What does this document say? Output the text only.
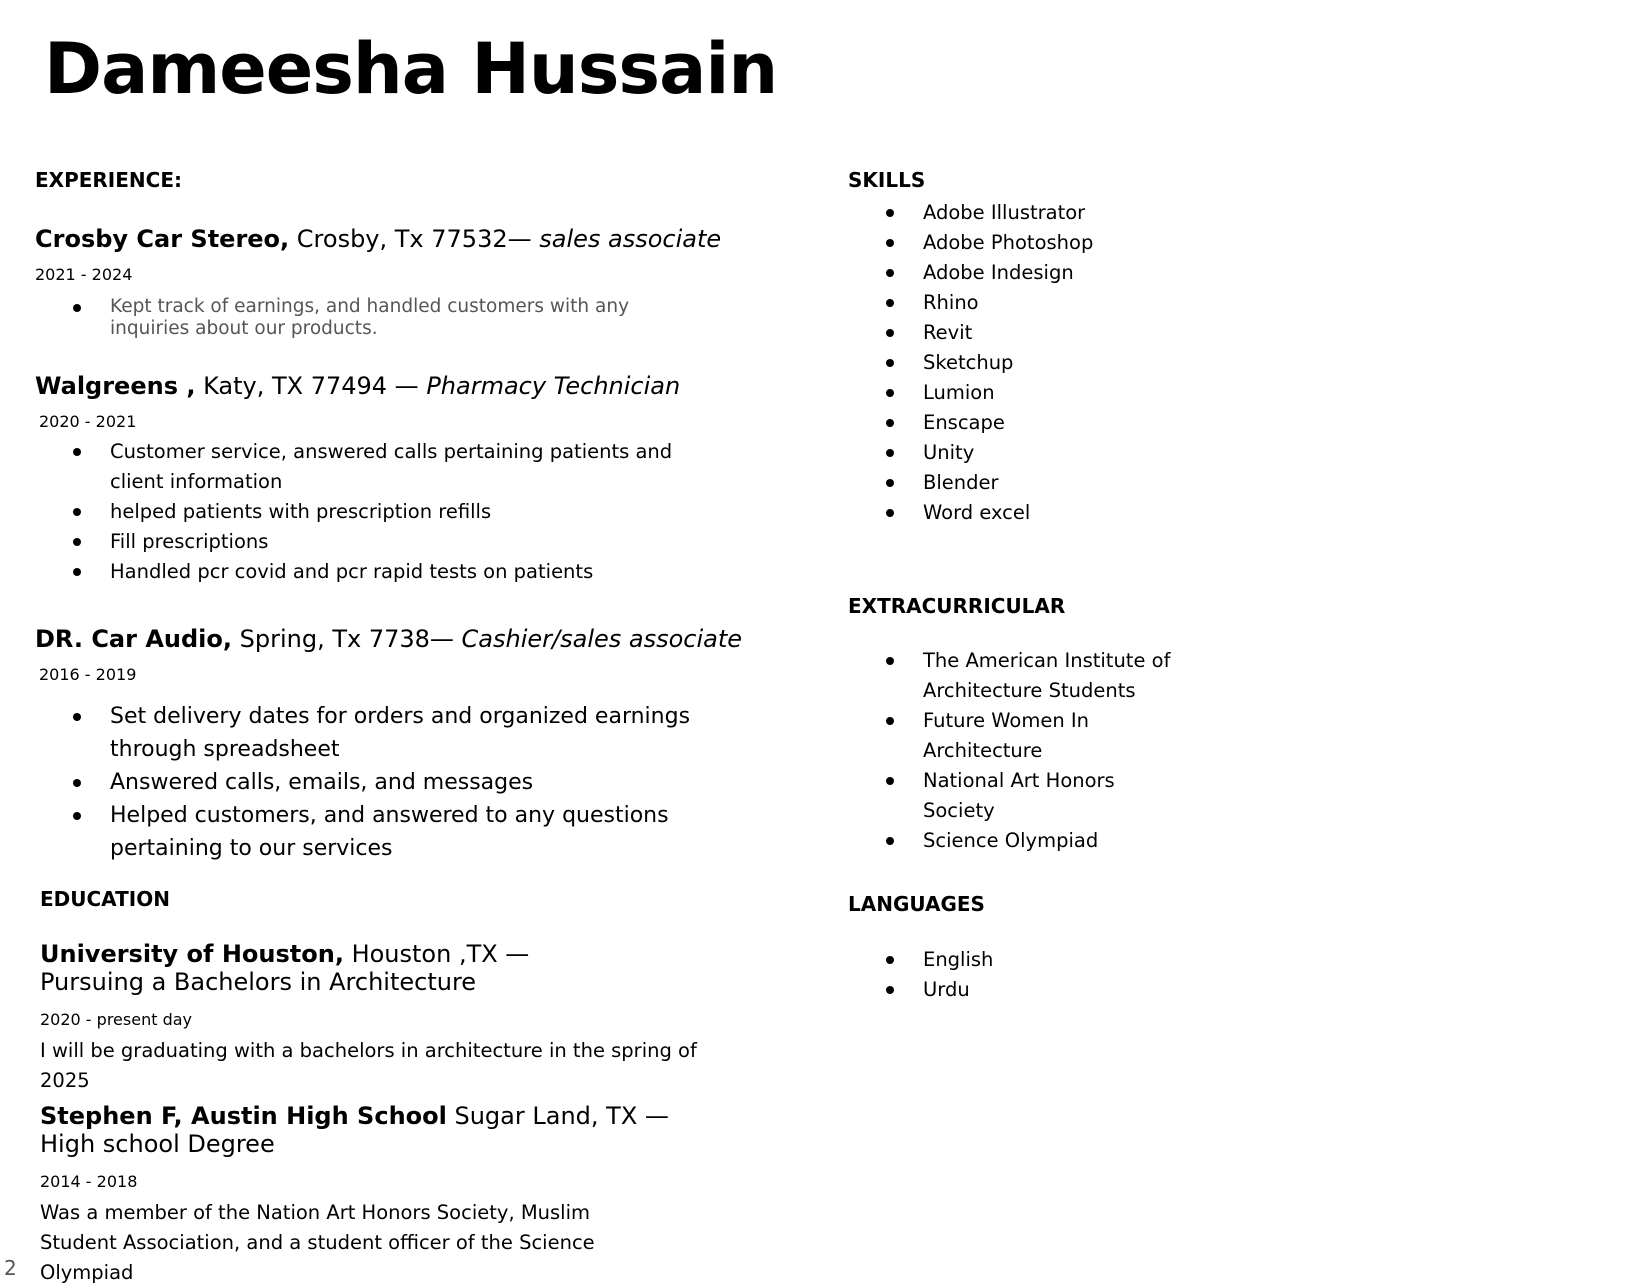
Dameesha Hussain
EXPERIENCE:
Crosby Car Stereo, Crosby, Tx 77532— sales associate
2021 - 2024
Kept track of earnings, and handled customers with any inquiries about our products.
Walgreens , Katy, TX 77494 — Pharmacy Technician
2020 - 2021
Customer service, answered calls pertaining patients and client information
helped patients with prescription refills
Fill prescriptions
Handled pcr covid and pcr rapid tests on patients
DR. Car Audio, Spring, Tx 7738— Cashier/sales associate
2016 - 2019
Set delivery dates for orders and organized earnings through spreadsheet
Answered calls, emails, and messages
Helped customers, and answered to any questions pertaining to our services
EDUCATION
University of Houston, Houston ,TX — Pursuing a Bachelors in Architecture
2020 - present day
I will be graduating with a bachelors in architecture in the spring of 2025
Stephen F, Austin High School Sugar Land, TX — High school Degree
2014 - 2018
Was a member of the Nation Art Honors Society, Muslim Student Association, and a student officer of the Science Olympiad
SKILLS
Adobe Illustrator
Adobe Photoshop
Adobe Indesign
Rhino
Revit
Sketchup
Lumion
Enscape
Unity
Blender
Word excel
EXTRACURRICULAR
The American Institute of Architecture Students
Future Women In Architecture
National Art Honors Society
Science Olympiad
LANGUAGES
English
Urdu
2
